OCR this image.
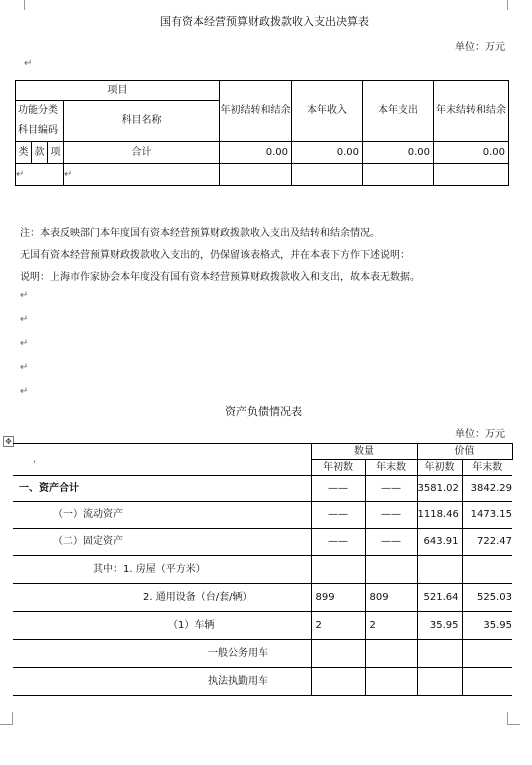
国有资本经营预算财政拨款收入支出决算表
单位：万元
↵
项目				年初结转和结余	本年收入	本年支出	年末结转和结余
功能分类科目编码			科目名称				

类	款	项	合计	0.00	0.00	0.00	0.00
↵			↵				
注：本表反映部门本年度国有资本经营预算财政拨款收入支出及结转和结余情况。
无国有资本经营预算财政拨款收入支出的，仍保留该表格式，并在本表下方作下述说明：
说明：上海市作家协会本年度没有国有资本经营预算财政拨款收入和支出，故本表无数据。
↵
↵
↵
↵
↵
资产负债情况表
单位：万元
✥
,	数量		价值	
	年初数	年末数	年初数	年末数
一、资产合计	——	——	3581.02	3842.29
（一）流动资产	——	——	1118.46	1473.15
（二）固定资产	——	——	643.91	722.47
其中：1. 房屋（平方米）				
2. 通用设备（台/套/辆）	899	809	521.64	525.03
（1）车辆	2	2	35.95	35.95
一般公务用车				
执法执勤用车				
